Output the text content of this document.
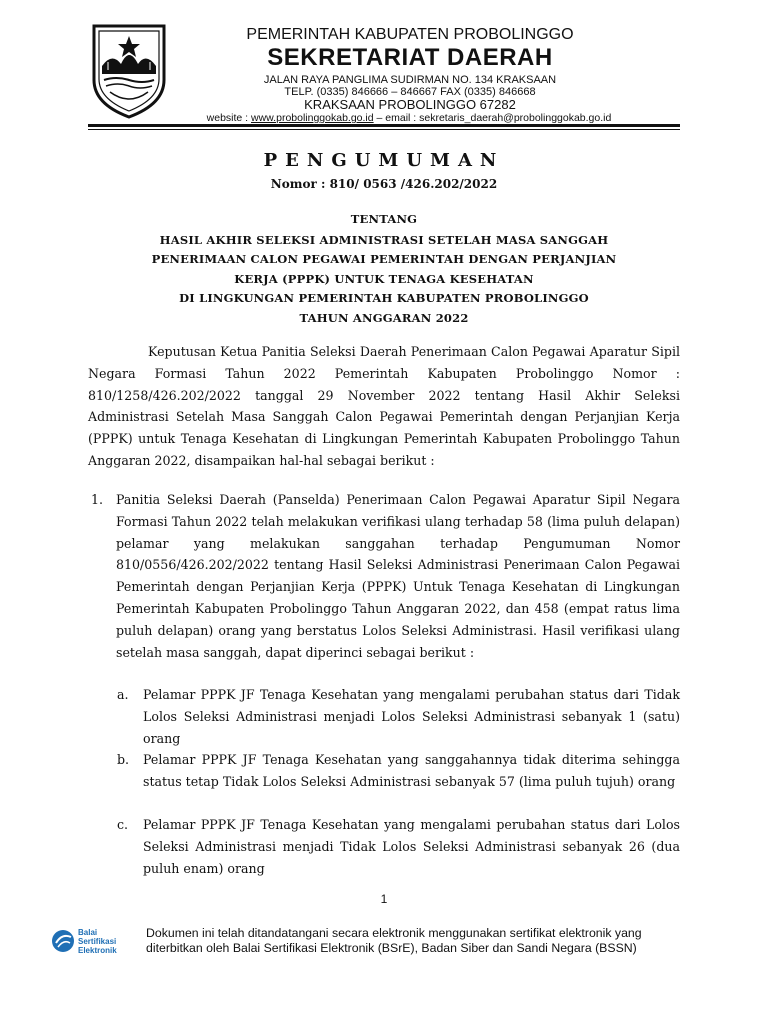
PEMERINTAH KABUPATEN PROBOLINGGO
SEKRETARIAT DAERAH
JALAN RAYA PANGLIMA SUDIRMAN NO. 134 KRAKSAAN
TELP. (0335) 846666 – 846667 FAX (0335) 846668
KRAKSAAN PROBOLINGGO 67282
website : www.probolinggokab.go.id – email : sekretaris_daerah@probolinggokab.go.id
PENGUMUMAN
Nomor : 810/ 0563 /426.202/2022
TENTANG
HASIL AKHIR SELEKSI ADMINISTRASI SETELAH MASA SANGGAH
PENERIMAAN CALON PEGAWAI PEMERINTAH DENGAN PERJANJIAN
KERJA (PPPK) UNTUK TENAGA KESEHATAN
DI LINGKUNGAN PEMERINTAH KABUPATEN PROBOLINGGO
TAHUN ANGGARAN 2022
Keputusan Ketua Panitia Seleksi Daerah Penerimaan Calon Pegawai Aparatur Sipil Negara Formasi Tahun 2022 Pemerintah Kabupaten Probolinggo Nomor : 810/1258/426.202/2022 tanggal 29 November 2022 tentang Hasil Akhir Seleksi Administrasi Setelah Masa Sanggah Calon Pegawai Pemerintah dengan Perjanjian Kerja (PPPK) untuk Tenaga Kesehatan di Lingkungan Pemerintah Kabupaten Probolinggo Tahun Anggaran 2022, disampaikan hal-hal sebagai berikut :
1. Panitia Seleksi Daerah (Panselda) Penerimaan Calon Pegawai Aparatur Sipil Negara Formasi Tahun 2022 telah melakukan verifikasi ulang terhadap 58 (lima puluh delapan) pelamar yang melakukan sanggahan terhadap Pengumuman Nomor 810/0556/426.202/2022 tentang Hasil Seleksi Administrasi Penerimaan Calon Pegawai Pemerintah dengan Perjanjian Kerja (PPPK) Untuk Tenaga Kesehatan di Lingkungan Pemerintah Kabupaten Probolinggo Tahun Anggaran 2022, dan 458 (empat ratus lima puluh delapan) orang yang berstatus Lolos Seleksi Administrasi. Hasil verifikasi ulang setelah masa sanggah, dapat diperinci sebagai berikut :
a. Pelamar PPPK JF Tenaga Kesehatan yang mengalami perubahan status dari Tidak Lolos Seleksi Administrasi menjadi Lolos Seleksi Administrasi sebanyak 1 (satu) orang
b. Pelamar PPPK JF Tenaga Kesehatan yang sanggahannya tidak diterima sehingga status tetap Tidak Lolos Seleksi Administrasi sebanyak 57 (lima puluh tujuh) orang
c. Pelamar PPPK JF Tenaga Kesehatan yang mengalami perubahan status dari Lolos Seleksi Administrasi menjadi Tidak Lolos Seleksi Administrasi sebanyak 26 (dua puluh enam) orang
1
Balai
Sertifikasi
Elektronik
Dokumen ini telah ditandatangani secara elektronik menggunakan sertifikat elektronik yang
diterbitkan oleh Balai Sertifikasi Elektronik (BSrE), Badan Siber dan Sandi Negara (BSSN)
